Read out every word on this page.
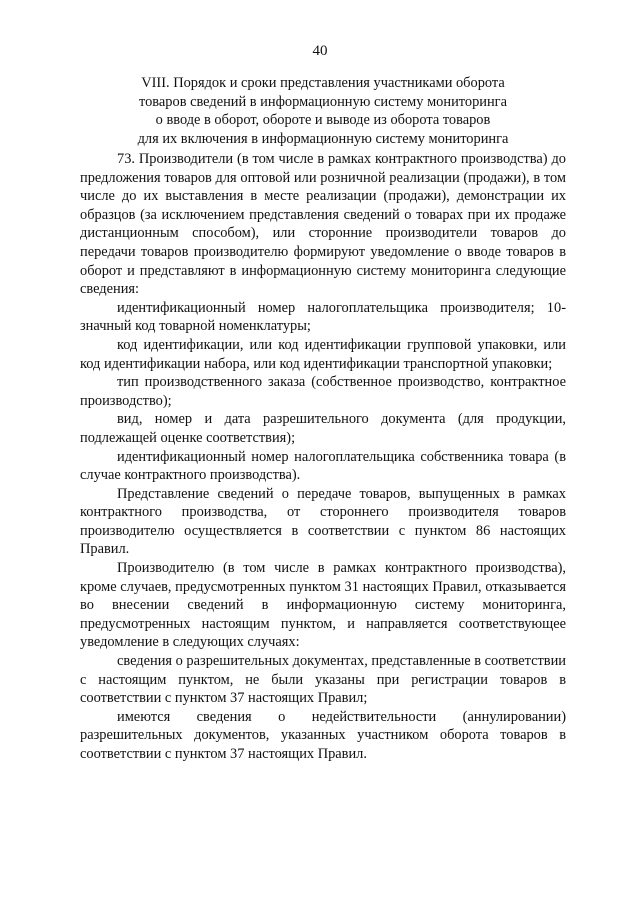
40
VIII. Порядок и сроки представления участниками оборота
товаров сведений в информационную систему мониторинга
о вводе в оборот, обороте и выводе из оборота товаров
для их включения в информационную систему мониторинга

73. Производители (в том числе в рамках контрактного производства) до предложения товаров для оптовой или розничной реализации (продажи), в том числе до их выставления в месте реализации (продажи), демонстрации их образцов (за исключением представления сведений о товарах при их продаже дистанционным способом), или сторонние производители товаров до передачи товаров производителю формируют уведомление о вводе товаров в оборот и представляют в информационную систему мониторинга следующие сведения:

идентификационный номер налогоплательщика производителя; 10-значный код товарной номенклатуры;

код идентификации, или код идентификации групповой упаковки, или код идентификации набора, или код идентификации транспортной упаковки;

тип производственного заказа (собственное производство, контрактное производство);

вид, номер и дата разрешительного документа (для продукции, подлежащей оценке соответствия);

идентификационный номер налогоплательщика собственника товара (в случае контрактного производства).

Представление сведений о передаче товаров, выпущенных в рамках контрактного производства, от стороннего производителя товаров производителю осуществляется в соответствии с пунктом 86 настоящих Правил.

Производителю (в том числе в рамках контрактного производства), кроме случаев, предусмотренных пунктом 31 настоящих Правил, отказывается во внесении сведений в информационную систему мониторинга, предусмотренных настоящим пунктом, и направляется соответствующее уведомление в следующих случаях:

сведения о разрешительных документах, представленные в соответствии с настоящим пунктом, не были указаны при регистрации товаров в соответствии с пунктом 37 настоящих Правил;

имеются сведения о недействительности (аннулировании) разрешительных документов, указанных участником оборота товаров в соответствии с пунктом 37 настоящих Правил.
